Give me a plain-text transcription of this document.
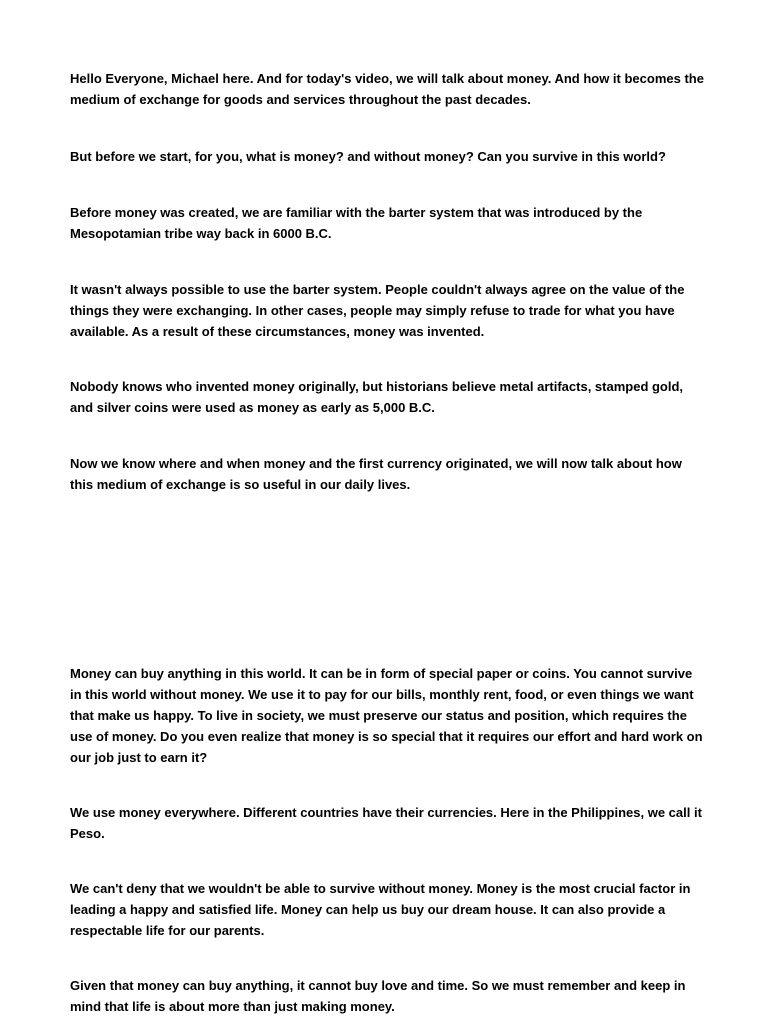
Hello Everyone, Michael here. And for today's video, we will talk about money. And how it becomes the medium of exchange for goods and services throughout the past decades.

But before we start, for you, what is money? and without money? Can you survive in this world?

Before money was created, we are familiar with the barter system that was introduced by the Mesopotamian tribe way back in 6000 B.C.

It wasn't always possible to use the barter system. People couldn't always agree on the value of the things they were exchanging. In other cases, people may simply refuse to trade for what you have available. As a result of these circumstances, money was invented.

Nobody knows who invented money originally, but historians believe metal artifacts, stamped gold, and silver coins were used as money as early as 5,000 B.C.

Now we know where and when money and the first currency originated, we will now talk about how this medium of exchange is so useful in our daily lives.

Money can buy anything in this world. It can be in form of special paper or coins. You cannot survive in this world without money. We use it to pay for our bills, monthly rent, food, or even things we want that make us happy. To live in society, we must preserve our status and position, which requires the use of money. Do you even realize that money is so special that it requires our effort and hard work on our job just to earn it?

We use money everywhere. Different countries have their currencies. Here in the Philippines, we call it Peso.

We can't deny that we wouldn't be able to survive without money. Money is the most crucial factor in leading a happy and satisfied life. Money can help us buy our dream house. It can also provide a respectable life for our parents.

Given that money can buy anything, it cannot buy love and time. So we must remember and keep in mind that life is about more than just making money.
